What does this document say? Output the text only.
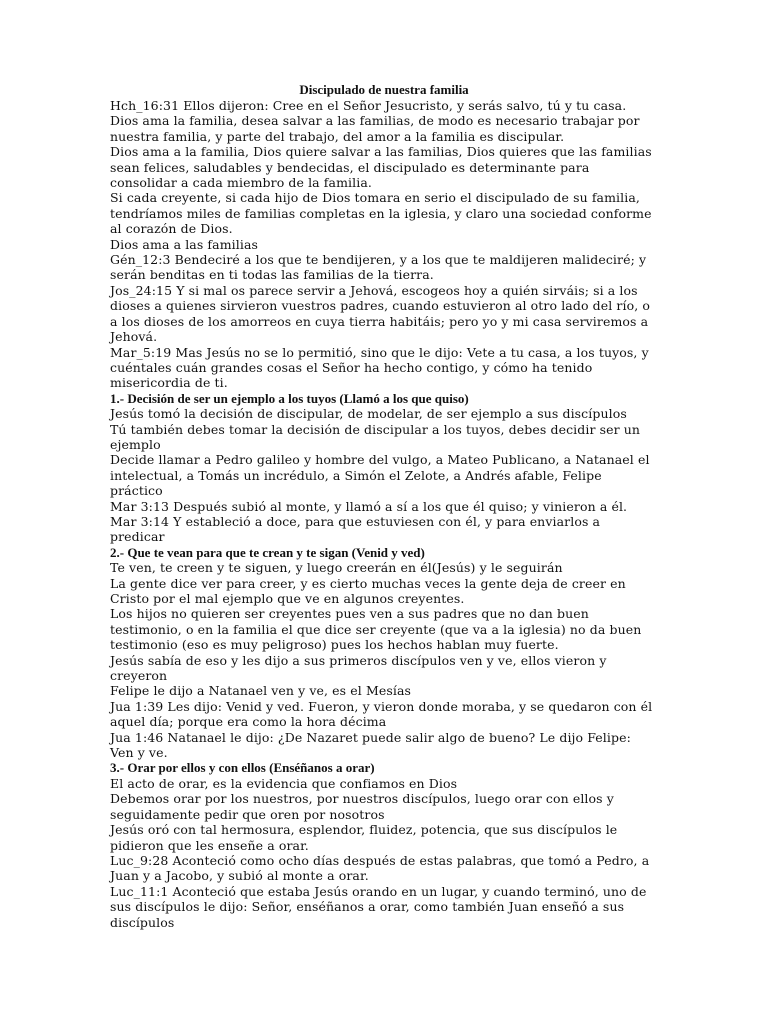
Discipulado de nuestra familia

Hch_16:31 Ellos dijeron: Cree en el Señor Jesucristo, y serás salvo, tú y tu casa.

Dios ama la familia, desea salvar a las familias, de modo es necesario trabajar por nuestra familia, y parte del trabajo, del amor a la familia es discipular.

Dios ama a la familia, Dios quiere salvar a las familias, Dios quieres que las familias sean felices, saludables y bendecidas, el discipulado es determinante para consolidar a cada miembro de la familia.

Si cada creyente, si cada hijo de Dios tomara en serio el discipulado de su familia, tendríamos miles de familias completas en la iglesia, y claro una sociedad conforme al corazón de Dios.

Dios ama a las familias

Gén_12:3 Bendeciré a los que te bendijeren, y a los que te maldijeren malideciré; y serán benditas en ti todas las familias de la tierra.

Jos_24:15 Y si mal os parece servir a Jehová, escogeos hoy a quién sirváis; si a los dioses a quienes sirvieron vuestros padres, cuando estuvieron al otro lado del río, o a los dioses de los amorreos en cuya tierra habitáis; pero yo y mi casa serviremos a Jehová.

Mar_5:19 Mas Jesús no se lo permitió, sino que le dijo: Vete a tu casa, a los tuyos, y cuéntales cuán grandes cosas el Señor ha hecho contigo, y cómo ha tenido misericordia de ti.

1.- Decisión de ser un ejemplo a los tuyos (Llamó a los que quiso)

Jesús tomó la decisión de discipular, de modelar, de ser ejemplo a sus discípulos

Tú también debes tomar la decisión de discipular a los tuyos, debes decidir ser un ejemplo

Decide llamar a Pedro galileo y hombre del vulgo, a Mateo Publicano, a Natanael el intelectual, a Tomás un incrédulo, a Simón el Zelote, a Andrés afable, Felipe práctico

Mar 3:13 Después subió al monte, y llamó a sí a los que él quiso; y vinieron a él.

Mar 3:14 Y estableció a doce, para que estuviesen con él, y para enviarlos a predicar

2.- Que te vean para que te crean y te sigan (Venid y ved)

Te ven, te creen y te siguen, y luego creerán en él(Jesús) y le seguirán

La gente dice ver para creer, y es cierto muchas veces la gente deja de creer en Cristo por el mal ejemplo que ve en algunos creyentes.

Los hijos no quieren ser creyentes pues ven a sus padres que no dan buen testimonio, o en la familia el que dice ser creyente (que va a la iglesia) no da buen testimonio (eso es muy peligroso) pues los hechos hablan muy fuerte.

Jesús sabía de eso y les dijo a sus primeros discípulos ven y ve, ellos vieron y creyeron

Felipe le dijo a Natanael ven y ve, es el Mesías

Jua 1:39 Les dijo: Venid y ved. Fueron, y vieron donde moraba, y se quedaron con él aquel día; porque era como la hora décima

Jua 1:46 Natanael le dijo: ¿De Nazaret puede salir algo de bueno? Le dijo Felipe: Ven y ve.

3.- Orar por ellos y con ellos (Enséñanos a orar)

El acto de orar, es la evidencia que confiamos en Dios

Debemos orar por los nuestros, por nuestros discípulos, luego orar con ellos y seguidamente pedir que oren por nosotros

Jesús oró con tal hermosura, esplendor, fluidez, potencia, que sus discípulos le pidieron que les enseñe a orar.

Luc_9:28 Aconteció como ocho días después de estas palabras, que tomó a Pedro, a Juan y a Jacobo, y subió al monte a orar.

Luc_11:1 Aconteció que estaba Jesús orando en un lugar, y cuando terminó, uno de sus discípulos le dijo: Señor, enséñanos a orar, como también Juan enseñó a sus discípulos
